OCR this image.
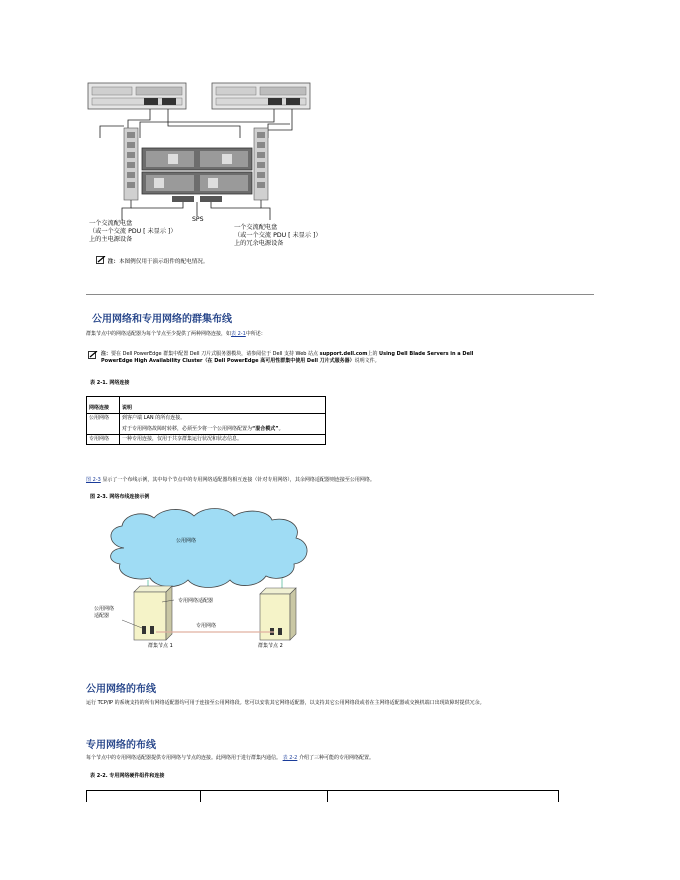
SPS
一个交流配电盘
（或一个交流 PDU [ 未显示 ]）
上的主电源设备
一个交流配电盘
（或一个交流 PDU [ 未显示 ]）
上的冗余电源设备
注：本图例仅用于演示组件的配电情况。
公用网络和专用网络的群集布线
群集节点中的网络适配器为每个节点至少提供了两种网络连接，如表 2-1中所述：
注：要在 Dell PowerEdge 群集中配置 Dell 刀片式服务器模块，请参阅位于 Dell 支持 Web 站点 support.dell.com上的 Using Dell Blade Servers in a Dell
PowerEdge High Availability Cluster（在 Dell PowerEdge 高可用性群集中使用 Dell 刀片式服务器）说明文件。
表 2-1. 网络连接
网络连接	说明
公用网络	到客户端 LAN 的所有连接。
对于专用网络故障时转移，必须至少将一个公用网络配置为“混合模式”。

专用网络	一种专用连接，仅用于共享群集运行状况和状态信息。
图 2-3 显示了一个布线示例，其中每个节点中的专用网络适配器均相互连接（针对专用网络），其余网络适配器则连接至公用网络。
图 2-3. 网络布线连接示例
公用网络
专用网络适配器
专用网络
公用网络
适配器
群集节点 1	群集节点 2
公用网络的布线
运行 TCP/IP 的系统支持的所有网络适配器均可用于连接至公用网络段。您可以安装其它网络适配器，以支持其它公用网络段或者在主网络适配器或交换机端口出现故障时提供冗余。
专用网络的布线
每个节点中的专用网络适配器提供专用网络与节点的连接。此网络用于进行群集内通信。 表 2-2 介绍了三种可能的专用网络配置。
表 2-2. 专用网络硬件组件和连接
